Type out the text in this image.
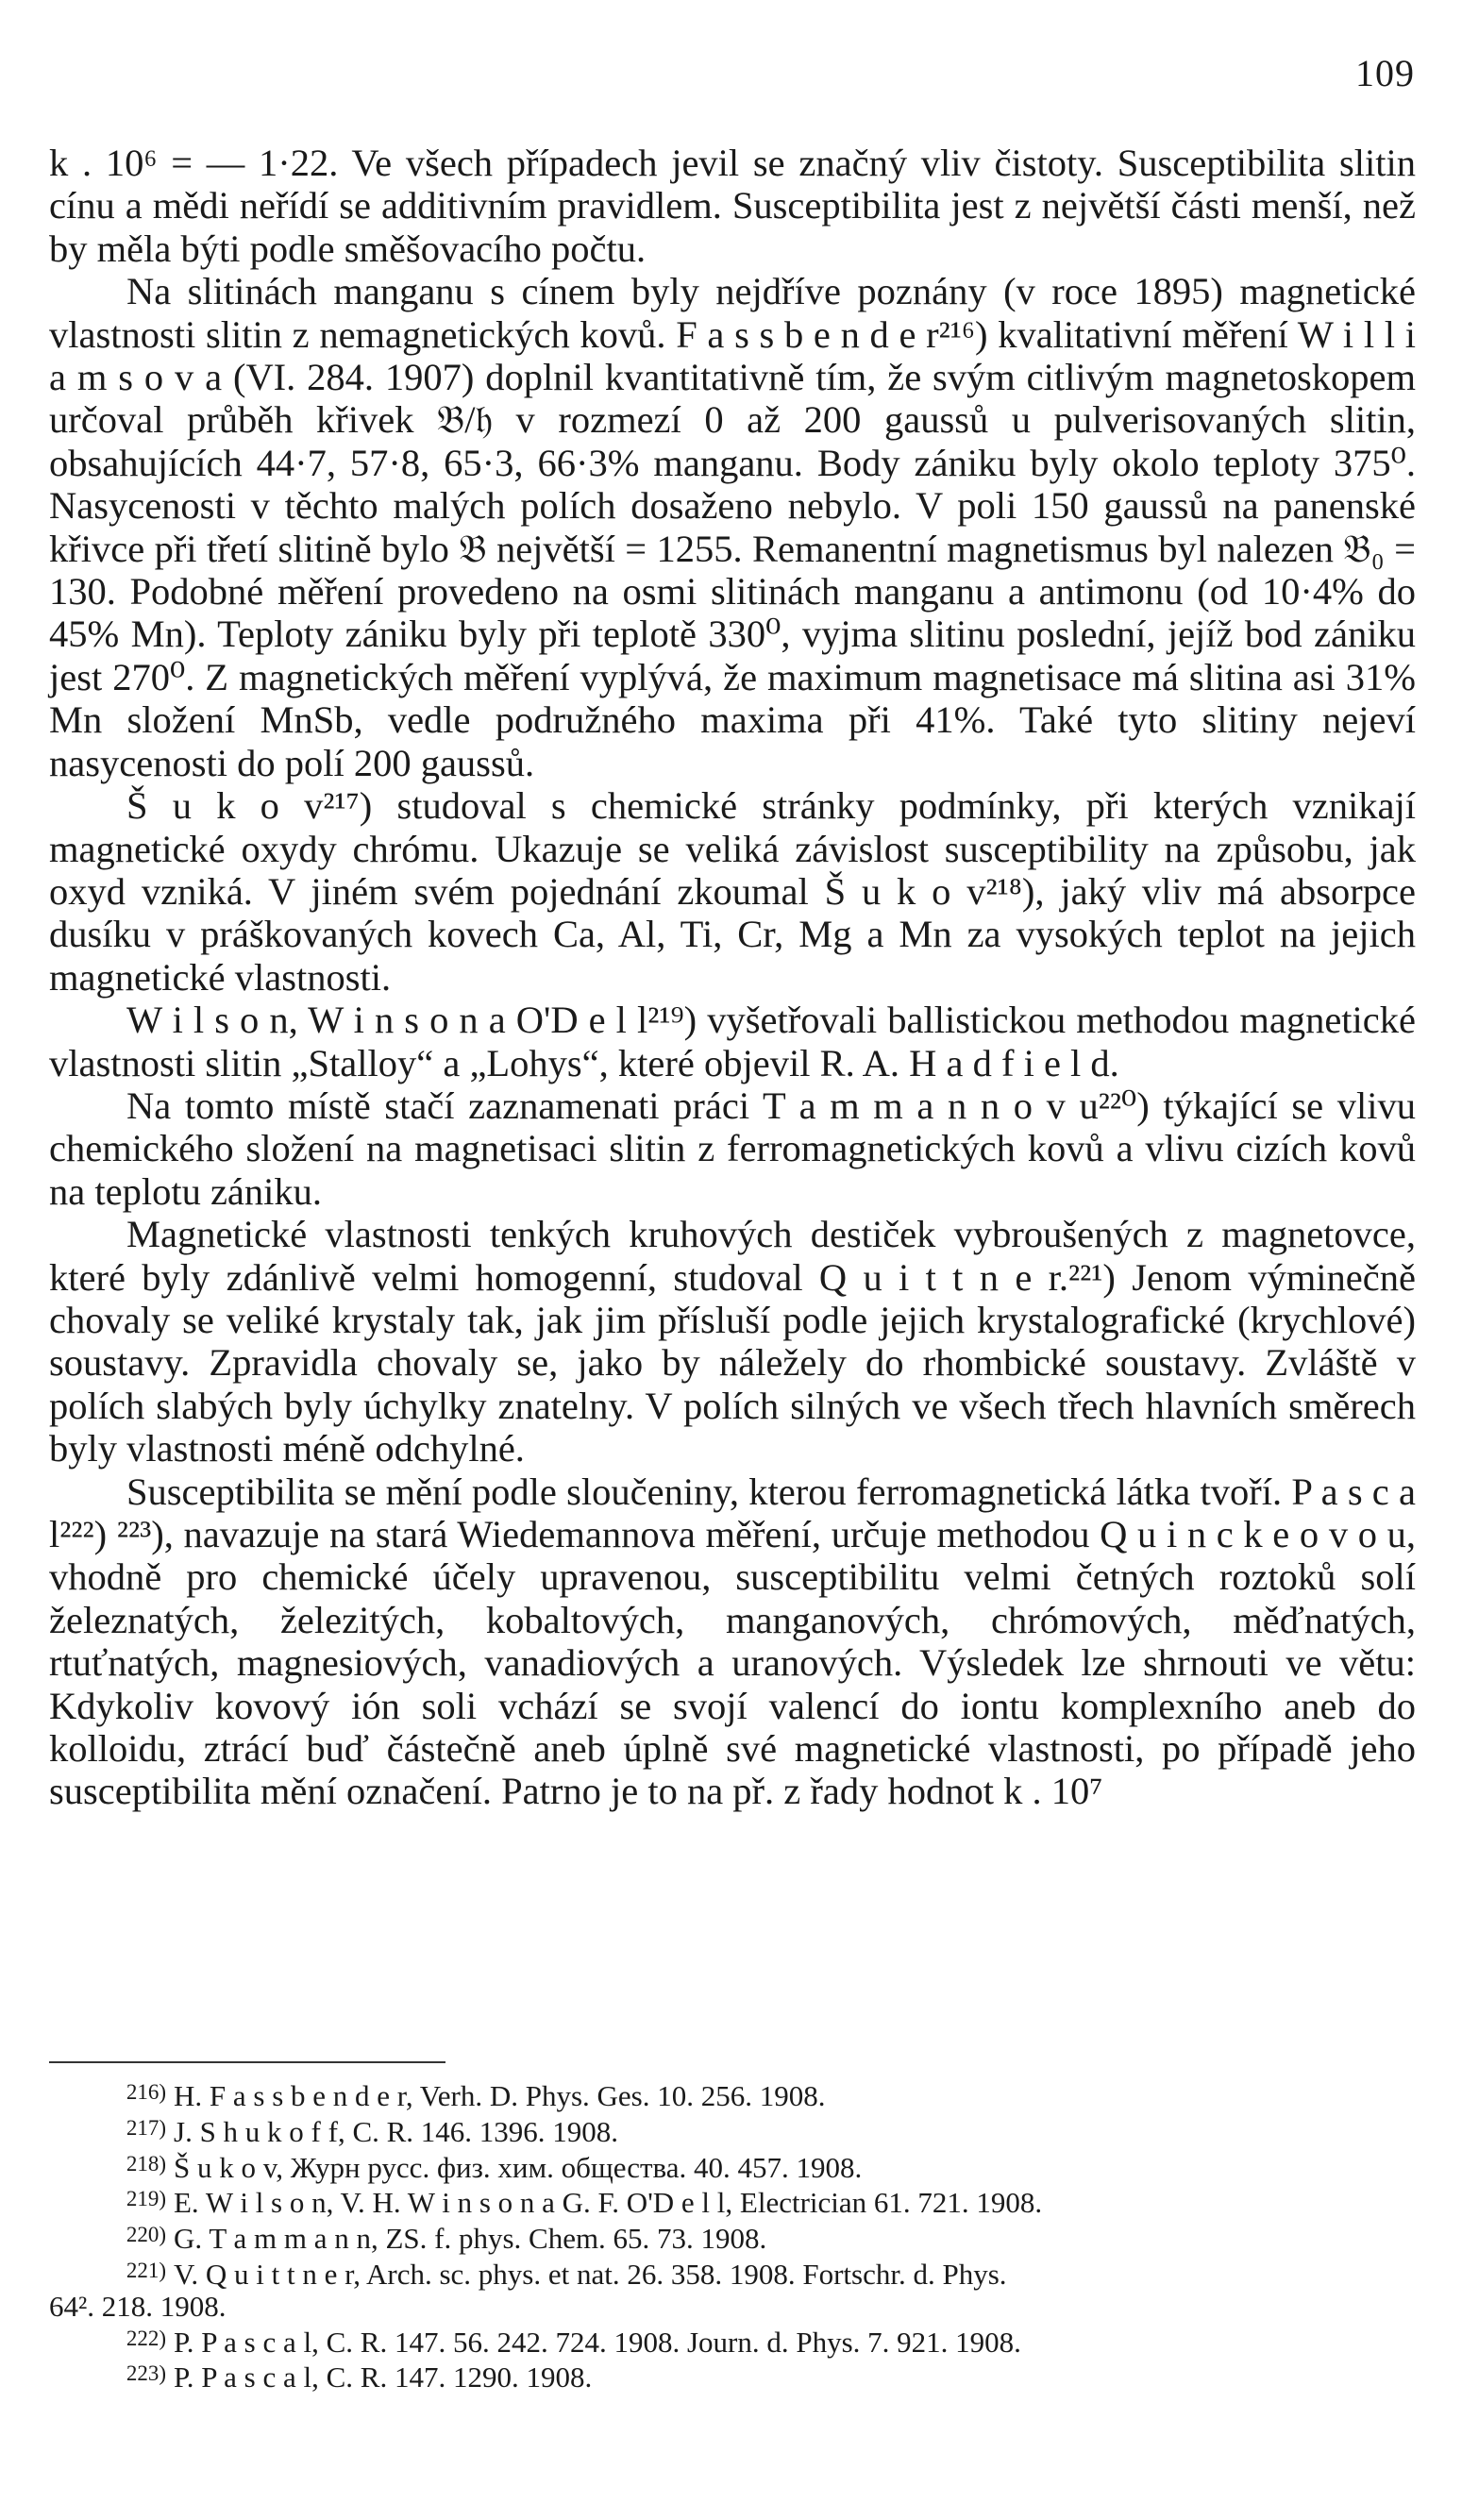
109

k . 10⁶ = — 1·22. Ve všech případech jevil se značný vliv čistoty. Susceptibilita slitin cínu a mědi neřídí se additivním pravidlem. Susceptibilita jest z největší části menší, než by měla býti podle směšovacího počtu.

Na slitinách manganu s cínem byly nejdříve poznány (v roce 1895) magnetické vlastnosti slitin z nemagnetických kovů. F a s s b e n d e r²¹⁶) kvalitativní měření W i l l i a m s o v a (VI. 284. 1907) doplnil kvantitativně tím, že svým citlivým magnetoskopem určoval průběh křivek 𝔅/𝔥 v rozmezí 0 až 200 gaussů u pulverisovaných slitin, obsahujících 44·7, 57·8, 65·3, 66·3% manganu. Body zániku byly okolo teploty 375⁰. Nasycenosti v těchto malých polích dosaženo nebylo. V poli 150 gaussů na panenské křivce při třetí slitině bylo 𝔅 největší = 1255. Remanentní magnetismus byl nalezen 𝔅₀ = 130. Podobné měření provedeno na osmi slitinách manganu a antimonu (od 10·4% do 45% Mn). Teploty zániku byly při teplotě 330⁰, vyjma slitinu poslední, jejíž bod zániku jest 270⁰. Z magnetických měření vyplývá, že maximum magnetisace má slitina asi 31% Mn složení MnSb, vedle podružného maxima při 41%. Také tyto slitiny nejeví nasycenosti do polí 200 gaussů.

Š u k o v²¹⁷) studoval s chemické stránky podmínky, při kterých vznikají magnetické oxydy chrómu. Ukazuje se veliká závislost susceptibility na způsobu, jak oxyd vzniká. V jiném svém pojednání zkoumal Š u k o v²¹⁸), jaký vliv má absorpce dusíku v práškovaných kovech Ca, Al, Ti, Cr, Mg a Mn za vysokých teplot na jejich magnetické vlastnosti.

W i l s o n, W i n s o n a O'D e l l²¹⁹) vyšetřovali ballistickou methodou magnetické vlastnosti slitin „Stalloy“ a „Lohys“, které objevil R. A. H a d f i e l d.

Na tomto místě stačí zaznamenati práci T a m m a n n o v u²²⁰) týkající se vlivu chemického složení na magnetisaci slitin z ferromagnetických kovů a vlivu cizích kovů na teplotu zániku.

Magnetické vlastnosti tenkých kruhových destiček vybroušených z magnetovce, které byly zdánlivě velmi homogenní, studoval Q u i t t n e r.²²¹) Jenom výminečně chovaly se veliké krystaly tak, jak jim přísluší podle jejich krystalografické (krychlové) soustavy. Zpravidla chovaly se, jako by náležely do rhombické soustavy. Zvláště v polích slabých byly úchylky znatelny. V polích silných ve všech třech hlavních směrech byly vlastnosti méně odchylné.

Susceptibilita se mění podle sloučeniny, kterou ferromagnetická látka tvoří. P a s c a l²²²) ²²³), navazuje na stará Wiedemannova měření, určuje methodou Q u i n c k e o v o u, vhodně pro chemické účely upravenou, susceptibilitu velmi četných roztoků solí železnatých, železitých, kobaltových, manganových, chrómových, měďnatých, rtuťnatých, magnesiových, vanadiových a uranových. Výsledek lze shrnouti ve větu: Kdykoliv kovový ión soli vchází se svojí valencí do iontu komplexního aneb do kolloidu, ztrácí buď částečně aneb úplně své magnetické vlastnosti, po případě jeho susceptibilita mění označení. Patrno je to na př. z řady hodnot k . 10⁷

216) H. F a s s b e n d e r, Verh. D. Phys. Ges. 10. 256. 1908.
217) J. S h u k o f f, C. R. 146. 1396. 1908.
218) Š u k o v, Журн русс. физ. хим. общества. 40. 457. 1908.
219) E. W i l s o n, V. H. W i n s o n a G. F. O'D e l l, Electrician 61. 721. 1908.
220) G. T a m m a n n, ZS. f. phys. Chem. 65. 73. 1908.
221) V. Q u i t t n e r, Arch. sc. phys. et nat. 26. 358. 1908. Fortschr. d. Phys.
64². 218. 1908.
222) P. P a s c a l, C. R. 147. 56. 242. 724. 1908. Journ. d. Phys. 7. 921. 1908.
223) P. P a s c a l, C. R. 147. 1290. 1908.
